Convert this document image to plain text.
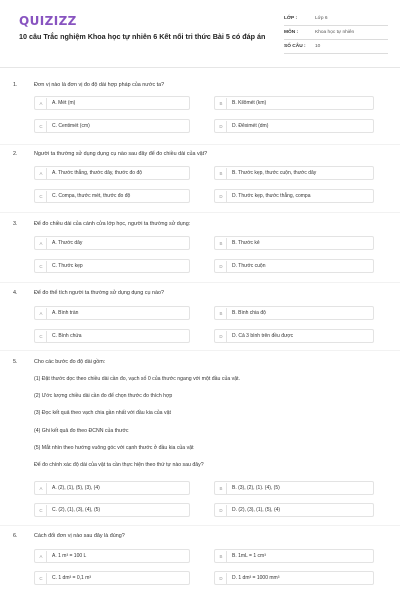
QUIZIZZ
10 câu Trắc nghiệm Khoa học tự nhiên 6 Kết nối tri thức Bài 5 có đáp án
LỚP :	Lớp 6
MÔN :	Khoa học tự nhiên
SỐ CÂU :	10
1.	Đơn vị nào là đơn vị đo độ dài hợp pháp của nước ta?
A	A. Mét (m)	B	B. Kilômét (km)
C	C. Centimét (cm)	D	D. Đêximét (dm)
2.	Người ta thường sử dụng dụng cụ nào sau đây để đo chiều dài của vật?
A	A. Thước thẳng, thước dây, thước đo độ	B	B. Thước kẹp, thước cuộn, thước dây
C	C. Compa, thước mét, thước đo độ	D	D. Thước kẹp, thước thẳng, compa
3.	Để đo chiều dài của cánh cửa lớp học, người ta thường sử dụng:
A	A. Thước dây	B	B. Thước kẻ
C	C. Thước kẹp	D	D. Thước cuộn
4.	Để đo thể tích người ta thường sử dụng dụng cụ nào?
A	A. Bình tràn	B	B. Bình chia độ
C	C. Bình chứa	D	D. Cả 3 bình trên đều được
5.	Cho các bước đo độ dài gồm:
(1) Đặt thước dọc theo chiều dài cần đo, vạch số 0 của thước ngang với một đầu của vật.
(2) Ước lượng chiều dài cần đo để chọn thước đo thích hợp
(3) Đọc kết quả theo vạch chia gần nhất với đầu kia của vật
(4) Ghi kết quả đo theo ĐCNN của thước
(5) Mắt nhìn theo hướng vuông góc với cạnh thước ở đầu kia của vật
Để đo chính xác độ dài của vật ta cần thực hiện theo thứ tự nào sau đây?
A	A. (2), (1), (5), (3), (4)	B	B. (3), (2), (1). (4), (5)
C	C. (2), (1), (3), (4), (5)	D	D. (2), (3), (1), (5), (4)
6.	Cách đổi đơn vị nào sau đây là đúng?
A	A. 1 m³ = 100 L	B	B. 1mL = 1 cm³
C	C. 1 dm³ = 0,1 m³	D	D. 1 dm³ = 1000 mm³
